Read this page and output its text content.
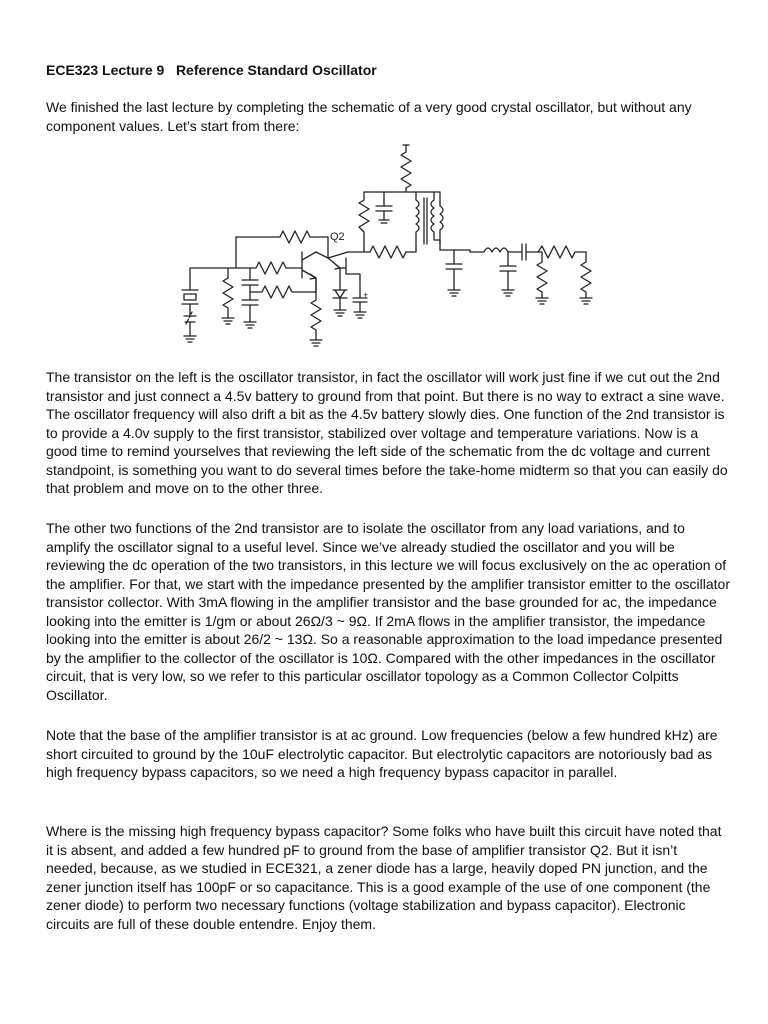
ECE323 Lecture 9   Reference Standard Oscillator

We finished the last lecture by completing the schematic of a very good crystal oscillator, but without any component values. Let’s start from there:

Q2
+

The transistor on the left is the oscillator transistor, in fact the oscillator will work just fine if we cut out the 2nd transistor and just connect a 4.5v battery to ground from that point. But there is no way to extract a sine wave. The oscillator frequency will also drift a bit as the 4.5v battery slowly dies. One function of the 2nd transistor is to provide a 4.0v supply to the first transistor, stabilized over voltage and temperature variations. Now is a good time to remind yourselves that reviewing the left side of the schematic from the dc voltage and current standpoint, is something you want to do several times before the take-home midterm so that you can easily do that problem and move on to the other three.

The other two functions of the 2nd transistor are to isolate the oscillator from any load variations, and to amplify the oscillator signal to a useful level. Since we’ve already studied the oscillator and you will be reviewing the dc operation of the two transistors, in this lecture we will focus exclusively on the ac operation of the amplifier. For that, we start with the impedance presented by the amplifier transistor emitter to the oscillator transistor collector. With 3mA flowing in the amplifier transistor and the base grounded for ac, the impedance looking into the emitter is 1/gm or about 26Ω/3 ~ 9Ω. If 2mA flows in the amplifier transistor, the impedance looking into the emitter is about 26/2 ~ 13Ω. So a reasonable approximation to the load impedance presented by the amplifier to the collector of the oscillator is 10Ω. Compared with the other impedances in the oscillator circuit, that is very low, so we refer to this particular oscillator topology as a Common Collector Colpitts Oscillator.

Note that the base of the amplifier transistor is at ac ground. Low frequencies (below a few hundred kHz) are short circuited to ground by the 10uF electrolytic capacitor. But electrolytic capacitors are notoriously bad as high frequency bypass capacitors, so we need a high frequency bypass capacitor in parallel.

Where is the missing high frequency bypass capacitor? Some folks who have built this circuit have noted that it is absent, and added a few hundred pF to ground from the base of amplifier transistor Q2. But it isn’t needed, because, as we studied in ECE321, a zener diode has a large, heavily doped PN junction, and the zener junction itself has 100pF or so capacitance. This is a good example of the use of one component (the zener diode) to perform two necessary functions (voltage stabilization and bypass capacitor). Electronic circuits are full of these double entendre. Enjoy them.
